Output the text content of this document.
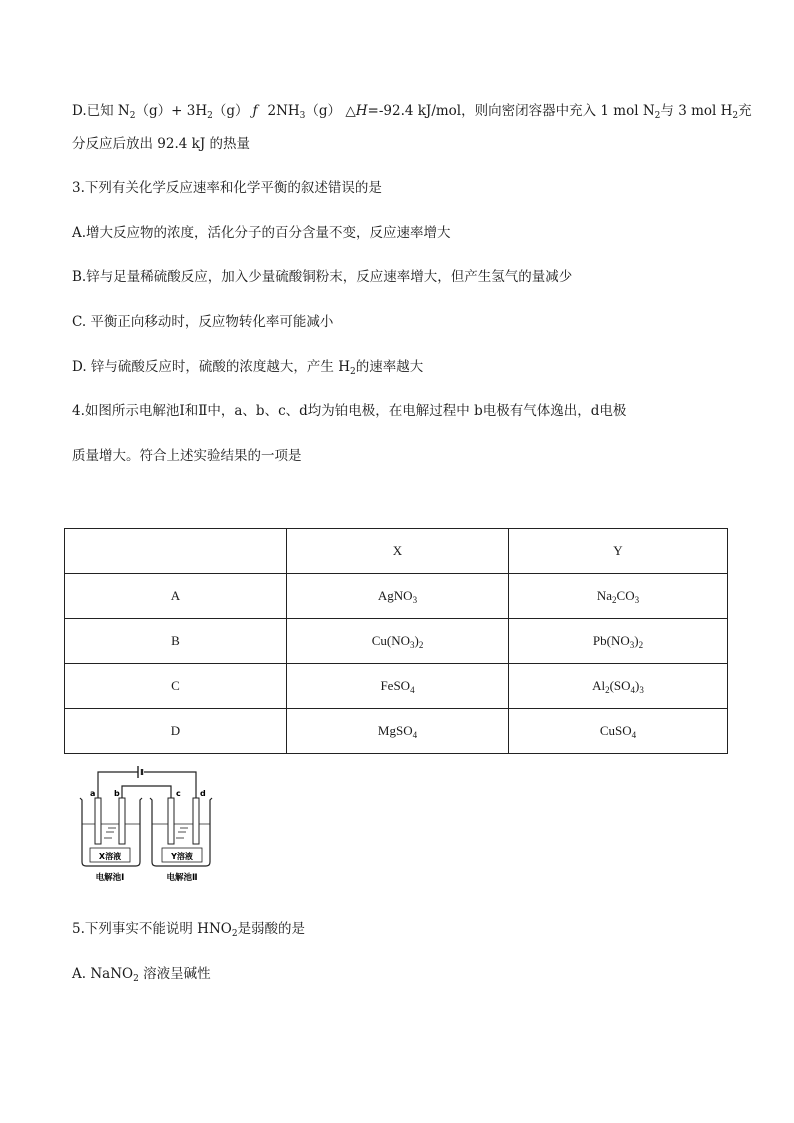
D.已知 $N_2(g)+ 3H_2(g)$ ƒ $2NH_3(g)$ △H=-92.4 kJ/mol，则向密闭容器中充入 1 mol $N_2$与 3 mol $H_2$充
分反应后放出 92.4 kJ 的热量
3.下列有关化学反应速率和化学平衡的叙述错误的是
A.增大反应物的浓度，活化分子的百分含量不变，反应速率增大
B.锌与足量稀硫酸反应，加入少量硫酸铜粉末，反应速率增大，但产生氢气的量减少
C. 平衡正向移动时，反应物转化率可能减小
D. 锌与硫酸反应时，硫酸的浓度越大，产生 $H_2$的速率越大
4.如图所示电解池Ⅰ和Ⅱ中，a、b、c、d均为铂电极，在电解过程中 b电极有气体逸出，d电极
质量增大。符合上述实验结果的一项是
	X	Y
A	AgNO$_3$	$Na_2CO_3$
B	$Cu(NO_3)_2$	$Pb(NO_3)_2$
C	FeSO$_4$	$Al_2(SO_4)_3$
D	MgSO$_4$	CuSO$_4$
a b	c d
X溶液	Y溶液
电解池Ⅰ	电解池Ⅱ
5.下列事实不能说明 $HNO_2$是弱酸的是
A. NaNO$_2$ 溶液呈碱性
